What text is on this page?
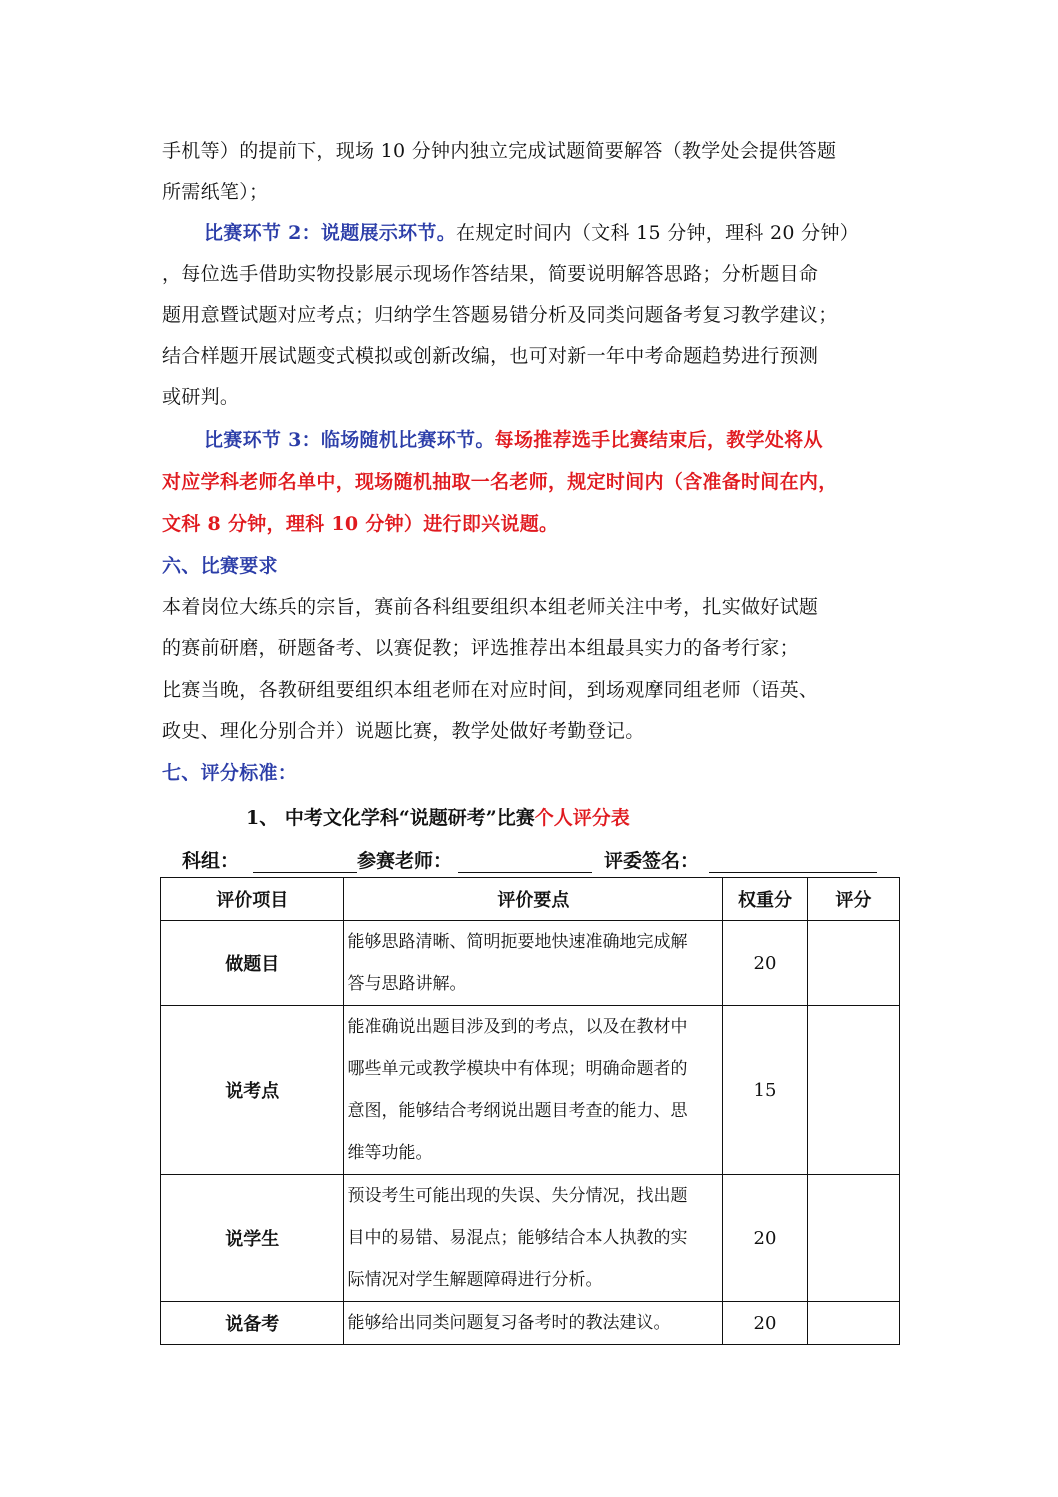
手机等）的提前下，现场 10 分钟内独立完成试题简要解答（教学处会提供答题
所需纸笔）；
比赛环节 2：说题展示环节。在规定时间内（文科 15 分钟，理科 20 分钟）
，每位选手借助实物投影展示现场作答结果，简要说明解答思路；分析题目命
题用意暨试题对应考点；归纳学生答题易错分析及同类问题备考复习教学建议；
结合样题开展试题变式模拟或创新改编，也可对新一年中考命题趋势进行预测
或研判。
比赛环节 3：临场随机比赛环节。每场推荐选手比赛结束后，教学处将从
对应学科老师名单中，现场随机抽取一名老师，规定时间内（含准备时间在内，
文科 8 分钟，理科 10 分钟）进行即兴说题。
六、比赛要求
本着岗位大练兵的宗旨，赛前各科组要组织本组老师关注中考，扎实做好试题
的赛前研磨，研题备考、以赛促教；评选推荐出本组最具实力的备考行家；
比赛当晚，各教研组要组织本组老师在对应时间，到场观摩同组老师（语英、
政史、理化分别合并）说题比赛，教学处做好考勤登记。
七、评分标准：
1、 中考文化学科“说题研考”比赛个人评分表
科组：	参赛老师：	评委签名：
评价项目	评价要点	权重分	评分
做题目	能够思路清晰、简明扼要地快速准确地完成解
答与思路讲解。	20	
说考点	能准确说出题目涉及到的考点，以及在教材中
哪些单元或教学模块中有体现；明确命题者的
意图，能够结合考纲说出题目考查的能力、思
维等功能。	15	
说学生	预设考生可能出现的失误、失分情况，找出题
目中的易错、易混点；能够结合本人执教的实
际情况对学生解题障碍进行分析。	20	
说备考	能够给出同类问题复习备考时的教法建议。	20	
